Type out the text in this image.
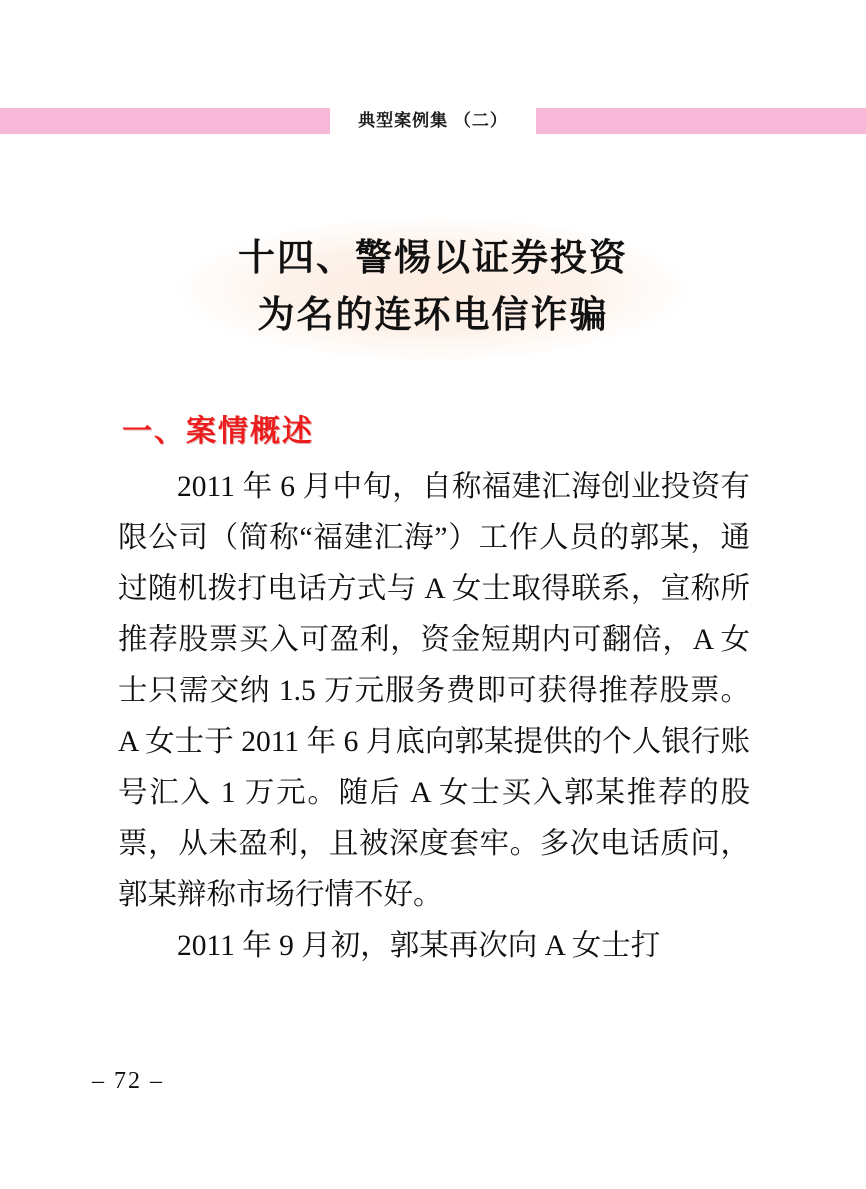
典型案例集 （二）
十四、警惕以证券投资
为名的连环电信诈骗
一、案情概述

2011 年 6 月中旬，自称福建汇海创业投资有限公司（简称“福建汇海”）工作人员的郭某，通过随机拨打电话方式与 A 女士取得联系，宣称所推荐股票买入可盈利，资金短期内可翻倍，A 女士只需交纳 1.5 万元服务费即可获得推荐股票。A 女士于 2011 年 6 月底向郭某提供的个人银行账号汇入 1 万元。随后 A 女士买入郭某推荐的股票，从未盈利，且被深度套牢。多次电话质问，郭某辩称市场行情不好。

2011 年 9 月初，郭某再次向 A 女士打

– 72 –
